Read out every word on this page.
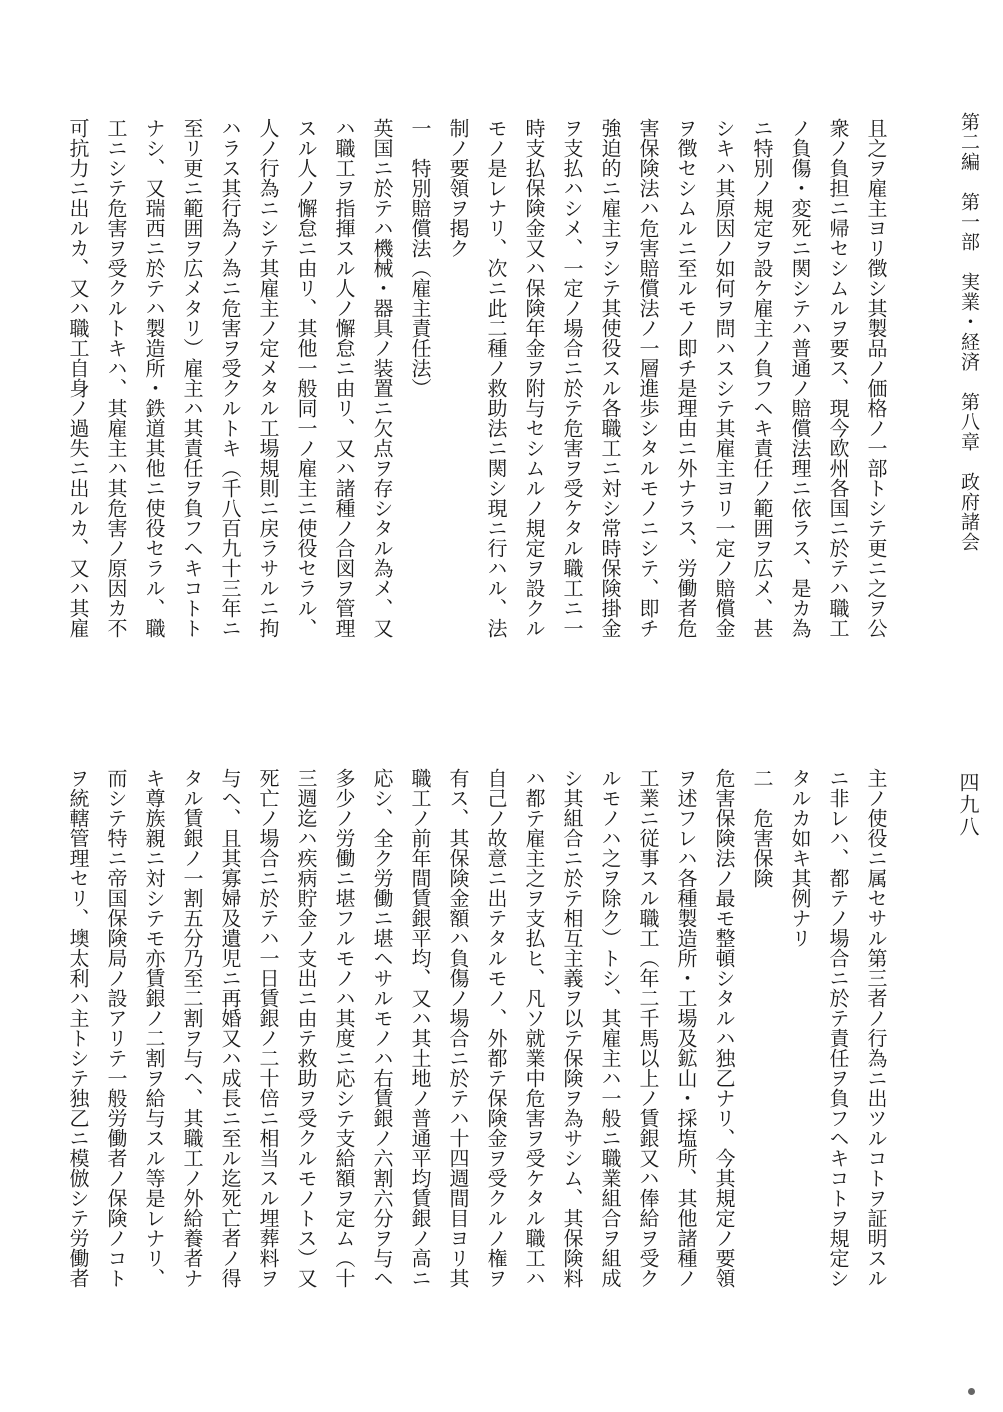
第二編　第一部　実業・経済　第八章　政府諸会
四九八
且之ヲ雇主ヨリ徴シ其製品ノ価格ノ一部トシテ更ニ之ヲ公
衆ノ負担ニ帰セシムルヲ要ス、現今欧州各国ニ於テハ職工
ノ負傷・変死ニ関シテハ普通ノ賠償法理ニ依ラス、是カ為
ニ特別ノ規定ヲ設ケ雇主ノ負フヘキ責任ノ範囲ヲ広メ、甚
シキハ其原因ノ如何ヲ問ハスシテ其雇主ヨリ一定ノ賠償金
ヲ徴セシムルニ至ルモノ即チ是理由ニ外ナラス、労働者危
害保険法ハ危害賠償法ノ一層進歩シタルモノニシテ、即チ
強迫的ニ雇主ヲシテ其使役スル各職工ニ対シ常時保険掛金
ヲ支払ハシメ、一定ノ場合ニ於テ危害ヲ受ケタル職工ニ一
時支払保険金又ハ保険年金ヲ附与セシムルノ規定ヲ設クル
モノ是レナリ、次ニ此二種ノ救助法ニ関シ現ニ行ハル、法
制ノ要領ヲ掲ク
一　特別賠償法（雇主責任法）
英国ニ於テハ機械・器具ノ装置ニ欠点ヲ存シタル為メ、又
ハ職工ヲ指揮スル人ノ懈怠ニ由リ、又ハ諸種ノ合図ヲ管理
スル人ノ懈怠ニ由リ、其他一般同一ノ雇主ニ使役セラル、
人ノ行為ニシテ其雇主ノ定メタル工場規則ニ戻ラサルニ拘
ハラス其行為ノ為ニ危害ヲ受クルトキ（千八百九十三年ニ
至リ更ニ範囲ヲ広メタリ）雇主ハ其責任ヲ負フヘキコトト
ナシ、又瑞西ニ於テハ製造所・鉄道其他ニ使役セラル、職
工ニシテ危害ヲ受クルトキハ、其雇主ハ其危害ノ原因カ不
可抗力ニ出ルカ、又ハ職工自身ノ過失ニ出ルカ、又ハ其雇
主ノ使役ニ属セサル第三者ノ行為ニ出ツルコトヲ証明スル
ニ非レハ、都テノ場合ニ於テ責任ヲ負フヘキコトヲ規定シ
タルカ如キ其例ナリ
二　危害保険
危害保険法ノ最モ整頓シタルハ独乙ナリ、今其規定ノ要領
ヲ述フレハ各種製造所・工場及鉱山・採塩所、其他諸種ノ
工業ニ従事スル職工（年二千馬以上ノ賃銀又ハ俸給ヲ受ク
ルモノハ之ヲ除ク）トシ、其雇主ハ一般ニ職業組合ヲ組成
シ其組合ニ於テ相互主義ヲ以テ保険ヲ為サシム、其保険料
ハ都テ雇主之ヲ支払ヒ、凡ソ就業中危害ヲ受ケタル職工ハ
自己ノ故意ニ出テタルモノ、外都テ保険金ヲ受クルノ権ヲ
有ス、其保険金額ハ負傷ノ場合ニ於テハ十四週間目ヨリ其
職工ノ前年間賃銀平均、又ハ其土地ノ普通平均賃銀ノ高ニ
応シ、全ク労働ニ堪ヘサルモノハ右賃銀ノ六割六分ヲ与ヘ
多少ノ労働ニ堪フルモノハ其度ニ応シテ支給額ヲ定ム（十
三週迄ハ疾病貯金ノ支出ニ由テ救助ヲ受クルモノトス）又
死亡ノ場合ニ於テハ一日賃銀ノ二十倍ニ相当スル埋葬料ヲ
与ヘ、且其寡婦及遺児ニ再婚又ハ成長ニ至ル迄死亡者ノ得
タル賃銀ノ一割五分乃至二割ヲ与ヘ、其職工ノ外給養者ナ
キ尊族親ニ対シテモ亦賃銀ノ二割ヲ給与スル等是レナリ、
而シテ特ニ帝国保険局ノ設アリテ一般労働者ノ保険ノコト
ヲ統轄管理セリ、墺太利ハ主トシテ独乙ニ模倣シテ労働者
